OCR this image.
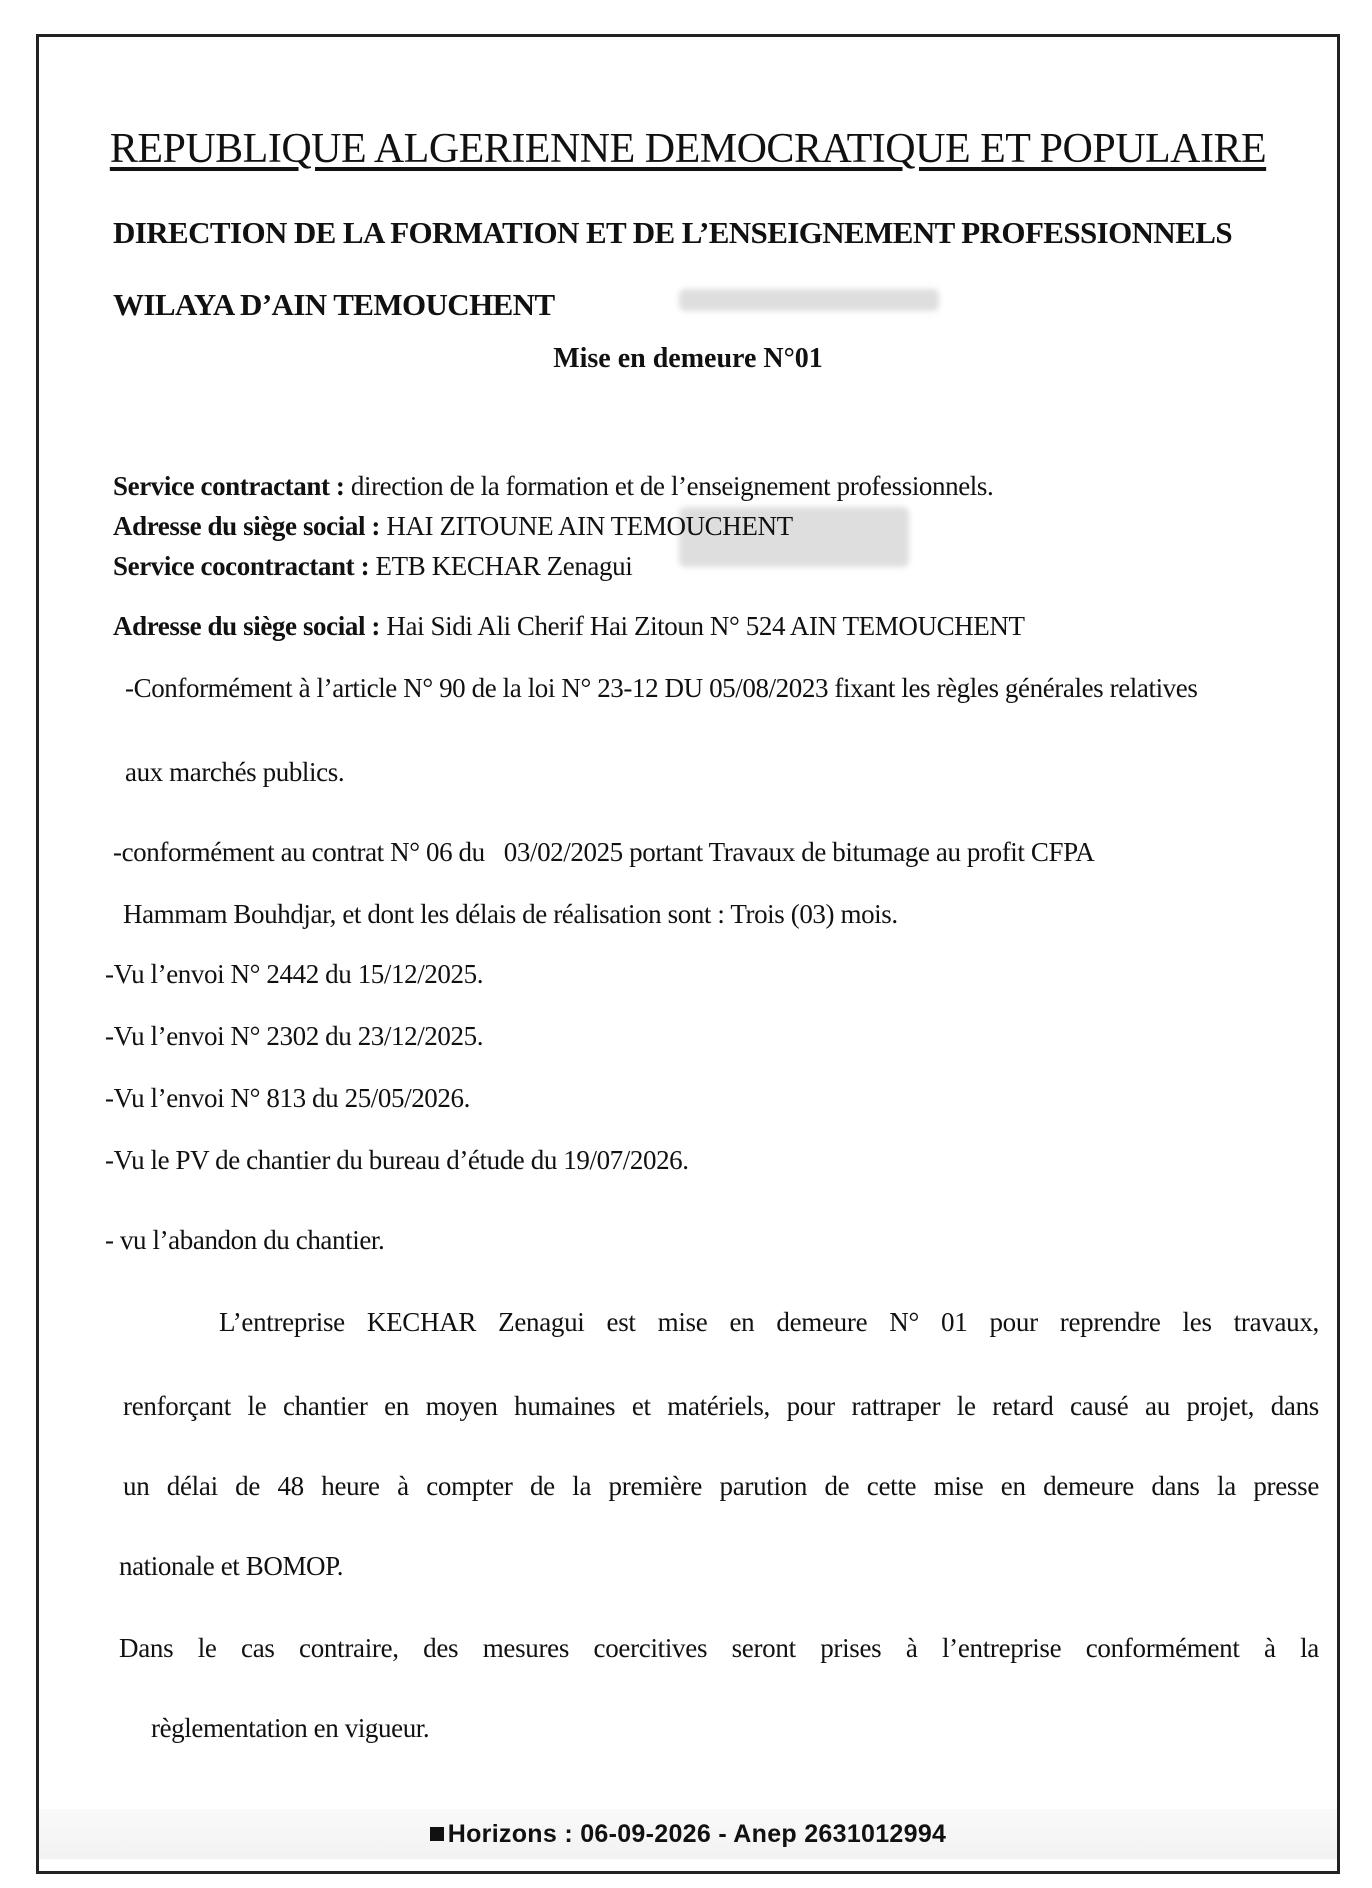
REPUBLIQUE ALGERIENNE DEMOCRATIQUE ET POPULAIRE
DIRECTION DE LA FORMATION ET DE L’ENSEIGNEMENT PROFESSIONNELS
WILAYA D’AIN TEMOUCHENT
Mise en demeure N°01
Service contractant : direction de la formation et de l’enseignement professionnels.
Adresse du siège social : HAI ZITOUNE AIN TEMOUCHENT
Service cocontractant : ETB KECHAR Zenagui
Adresse du siège social : Hai Sidi Ali Cherif Hai Zitoun N° 524 AIN TEMOUCHENT
-Conformément à l’article N° 90 de la loi N° 23-12 DU 05/08/2023 fixant les règles générales relatives
aux marchés publics.
-conformément au contrat N° 06 du   03/02/2025 portant Travaux de bitumage au profit CFPA
Hammam Bouhdjar, et dont les délais de réalisation sont : Trois (03) mois.
-Vu l’envoi N° 2442 du 15/12/2025.
-Vu l’envoi N° 2302 du 23/12/2025.
-Vu l’envoi N° 813 du 25/05/2026.
-Vu le PV de chantier du bureau d’étude du 19/07/2026.
- vu l’abandon du chantier.
L’entreprise KECHAR Zenagui est mise en demeure N° 01 pour reprendre les travaux,
renforçant le chantier en moyen humaines et matériels, pour rattraper le retard causé au projet, dans
un délai de 48 heure à compter de la première parution de cette mise en demeure dans la presse
nationale et BOMOP.
Dans le cas contraire, des mesures coercitives seront prises à l’entreprise conformément à la
règlementation en vigueur.
Horizons : 06-09-2026 - Anep 2631012994
